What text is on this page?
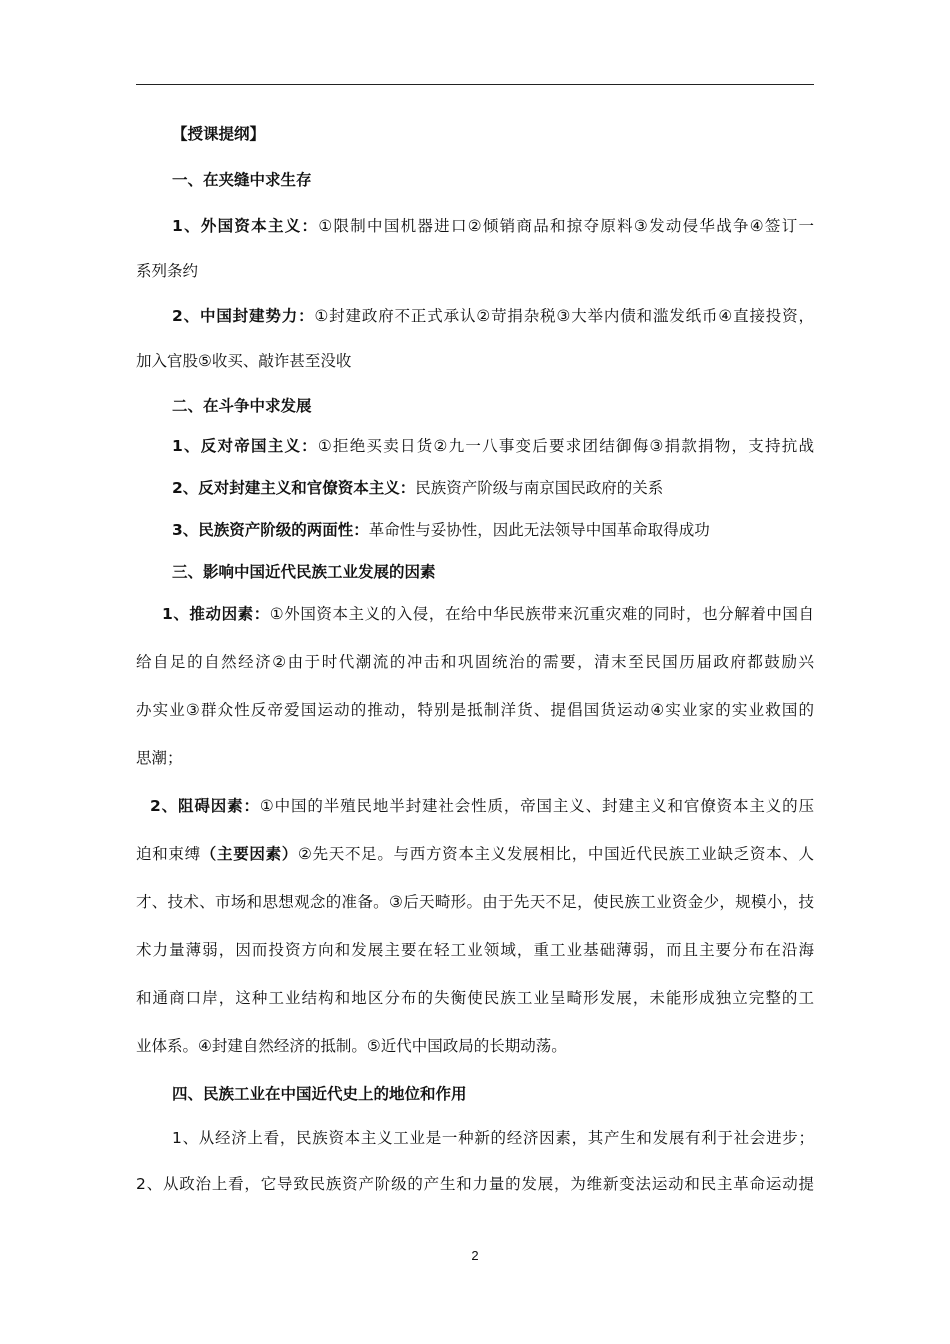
【授课提纲】
一、在夹缝中求生存
1、外国资本主义：①限制中国机器进口②倾销商品和掠夺原料③发动侵华战争④签订一
系列条约
2、中国封建势力：①封建政府不正式承认②苛捐杂税③大举内债和滥发纸币④直接投资，
加入官股⑤收买、敲诈甚至没收
二、在斗争中求发展
1、反对帝国主义：①拒绝买卖日货②九一八事变后要求团结御侮③捐款捐物，支持抗战
2、反对封建主义和官僚资本主义：民族资产阶级与南京国民政府的关系
3、民族资产阶级的两面性：革命性与妥协性，因此无法领导中国革命取得成功
三、影响中国近代民族工业发展的因素
1、推动因素：①外国资本主义的入侵，在给中华民族带来沉重灾难的同时，也分解着中国自
给自足的自然经济②由于时代潮流的冲击和巩固统治的需要，清末至民国历届政府都鼓励兴
办实业③群众性反帝爱国运动的推动，特别是抵制洋货、提倡国货运动④实业家的实业救国的
思潮；
2、阻碍因素：①中国的半殖民地半封建社会性质，帝国主义、封建主义和官僚资本主义的压
迫和束缚（主要因素）②先天不足。与西方资本主义发展相比，中国近代民族工业缺乏资本、人
才、技术、市场和思想观念的准备。③后天畸形。由于先天不足，使民族工业资金少，规模小，技
术力量薄弱，因而投资方向和发展主要在轻工业领域，重工业基础薄弱，而且主要分布在沿海
和通商口岸，这种工业结构和地区分布的失衡使民族工业呈畸形发展，未能形成独立完整的工
业体系。④封建自然经济的抵制。⑤近代中国政局的长期动荡。
四、民族工业在中国近代史上的地位和作用
1、从经济上看，民族资本主义工业是一种新的经济因素，其产生和发展有利于社会进步；
2、从政治上看，它导致民族资产阶级的产生和力量的发展，为维新变法运动和民主革命运动提
2
